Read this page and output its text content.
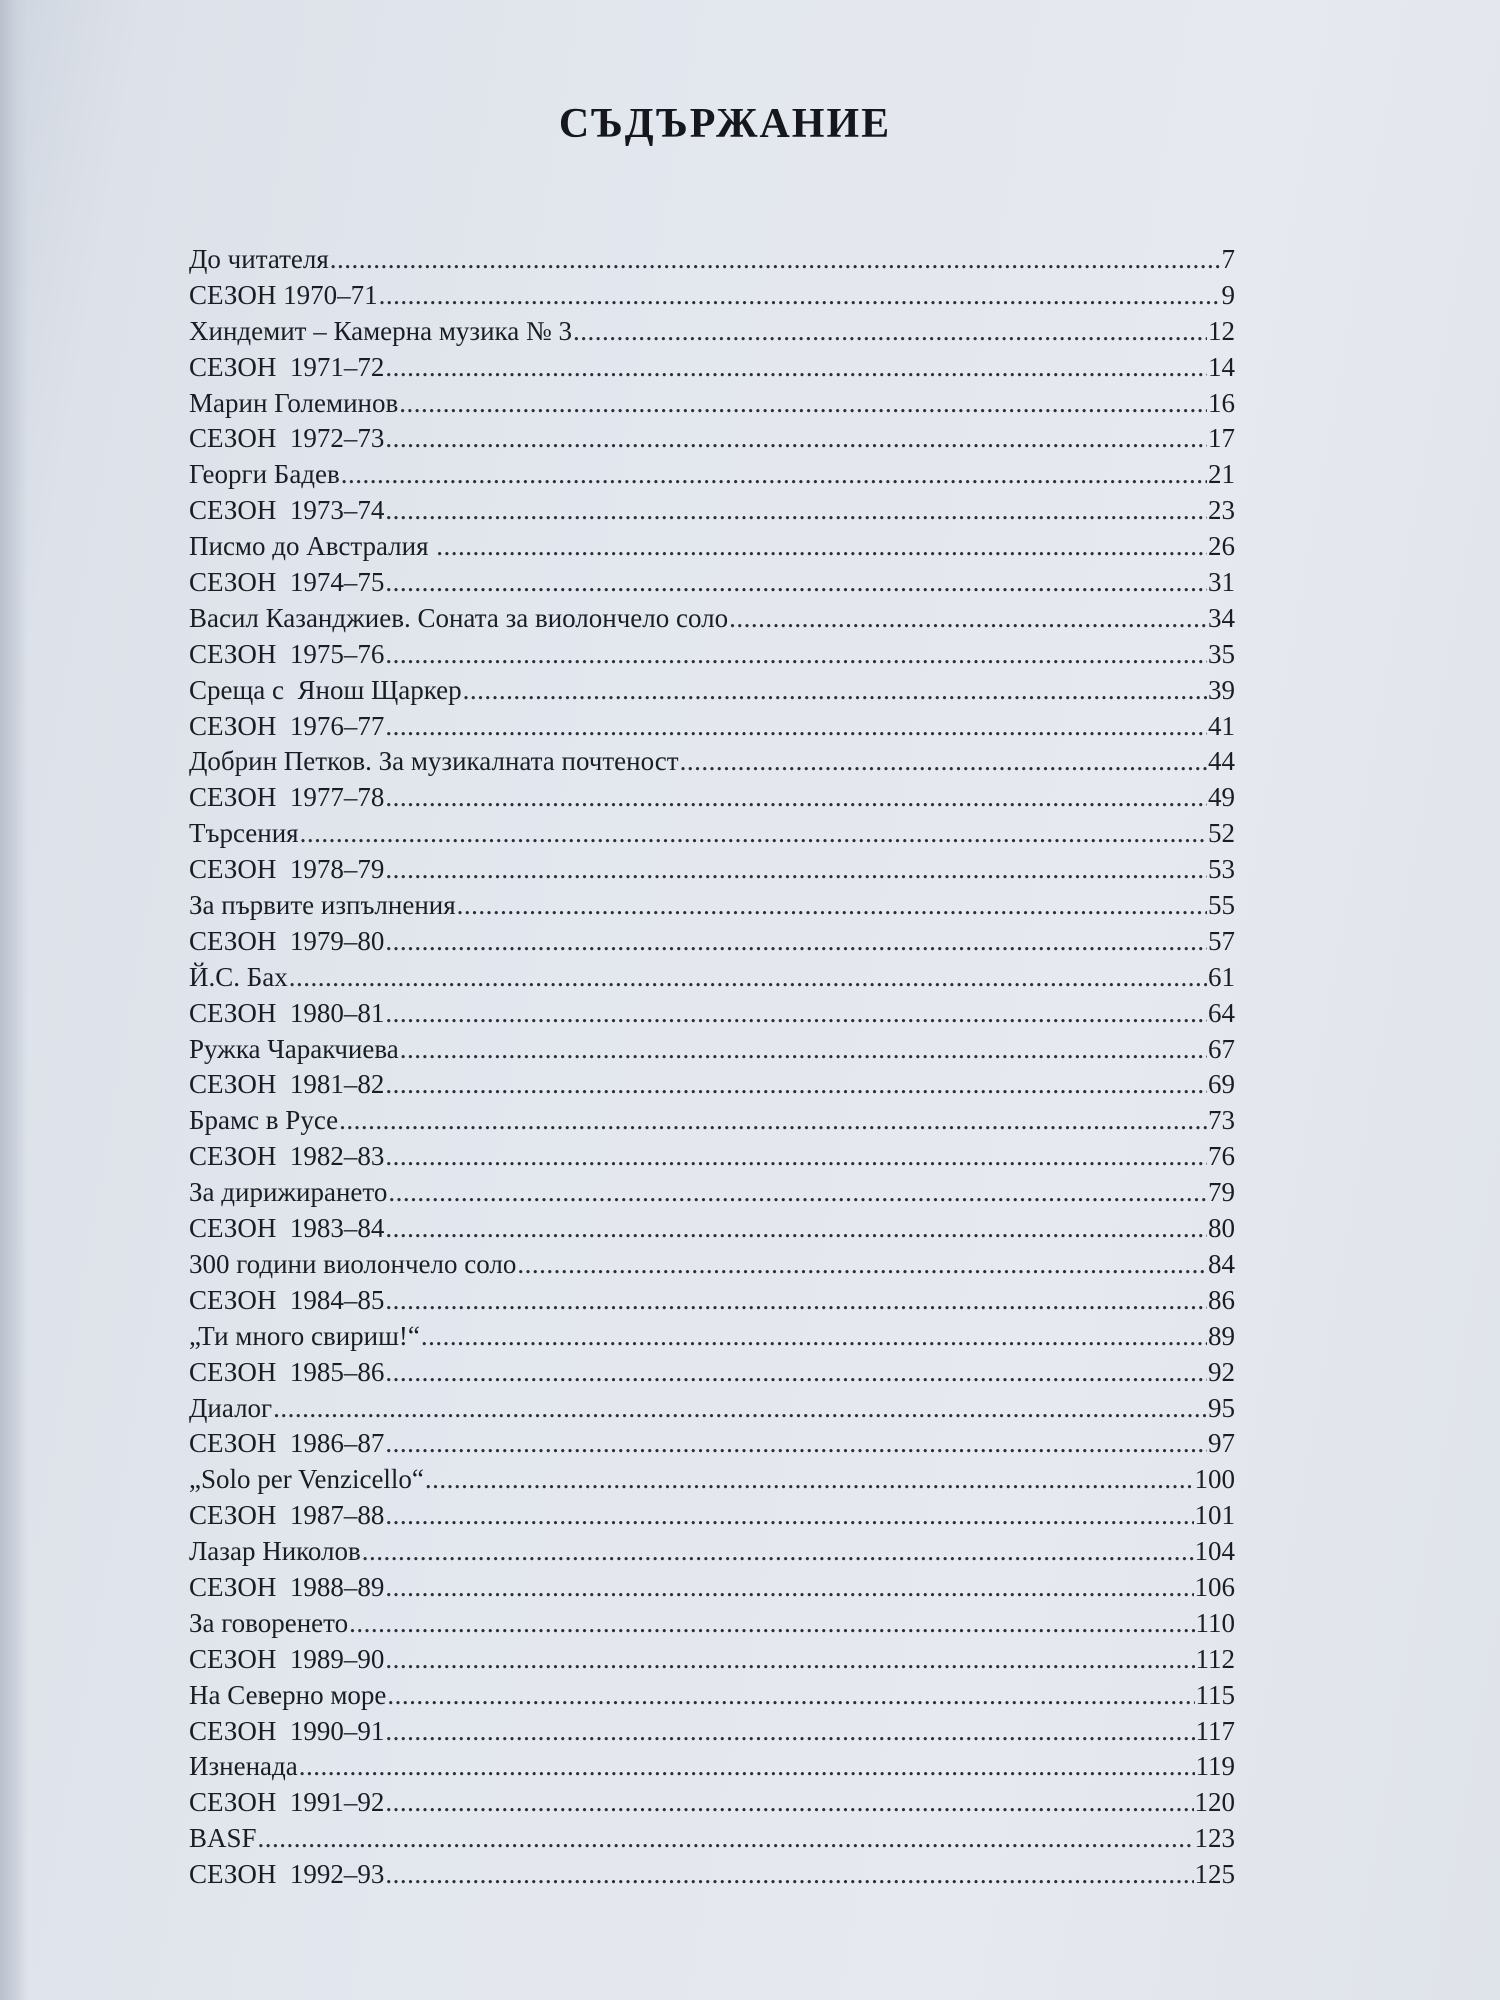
СЪДЪРЖАНИЕ
До читателя .....	7
СЕЗОН 1970–71 .....	9
Хиндемит – Камерна музика № 3 .....	12
СЕЗОН  1971–72 .....	14
Марин Големинов .....	16
СЕЗОН  1972–73 .....	17
Георги Бадев .....	21
СЕЗОН  1973–74 .....	23
Писмо до Австралия .....	26
СЕЗОН  1974–75 .....	31
Васил Казанджиев. Соната за виолончело соло .....	34
СЕЗОН  1975–76 .....	35
Среща с  Янош Щаркер .....	39
СЕЗОН  1976–77 .....	41
Добрин Петков. За музикалната почтеност .....	44
СЕЗОН  1977–78 .....	49
Търсения .....	52
СЕЗОН  1978–79 .....	53
За първите изпълнения .....	55
СЕЗОН  1979–80 .....	57
Й.С. Бах .....	61
СЕЗОН  1980–81 .....	64
Ружка Чаракчиева .....	67
СЕЗОН  1981–82 .....	69
Брамс в Русе .....	73
СЕЗОН  1982–83 .....	76
За дирижирането .....	79
СЕЗОН  1983–84 .....	80
300 години виолончело соло .....	84
СЕЗОН  1984–85 .....	86
„Ти много свириш!“ .....	89
СЕЗОН  1985–86 .....	92
Диалог .....	95
СЕЗОН  1986–87 .....	97
„Solo per Venzicello“ .....	100
СЕЗОН  1987–88 .....	101
Лазар Николов .....	104
СЕЗОН  1988–89 .....	106
За говоренето .....	110
СЕЗОН  1989–90 .....	112
На Северно море .....	115
СЕЗОН  1990–91 .....	117
Изненада .....	119
СЕЗОН  1991–92 .....	120
BASF .....	123
СЕЗОН  1992–93 .....	125
